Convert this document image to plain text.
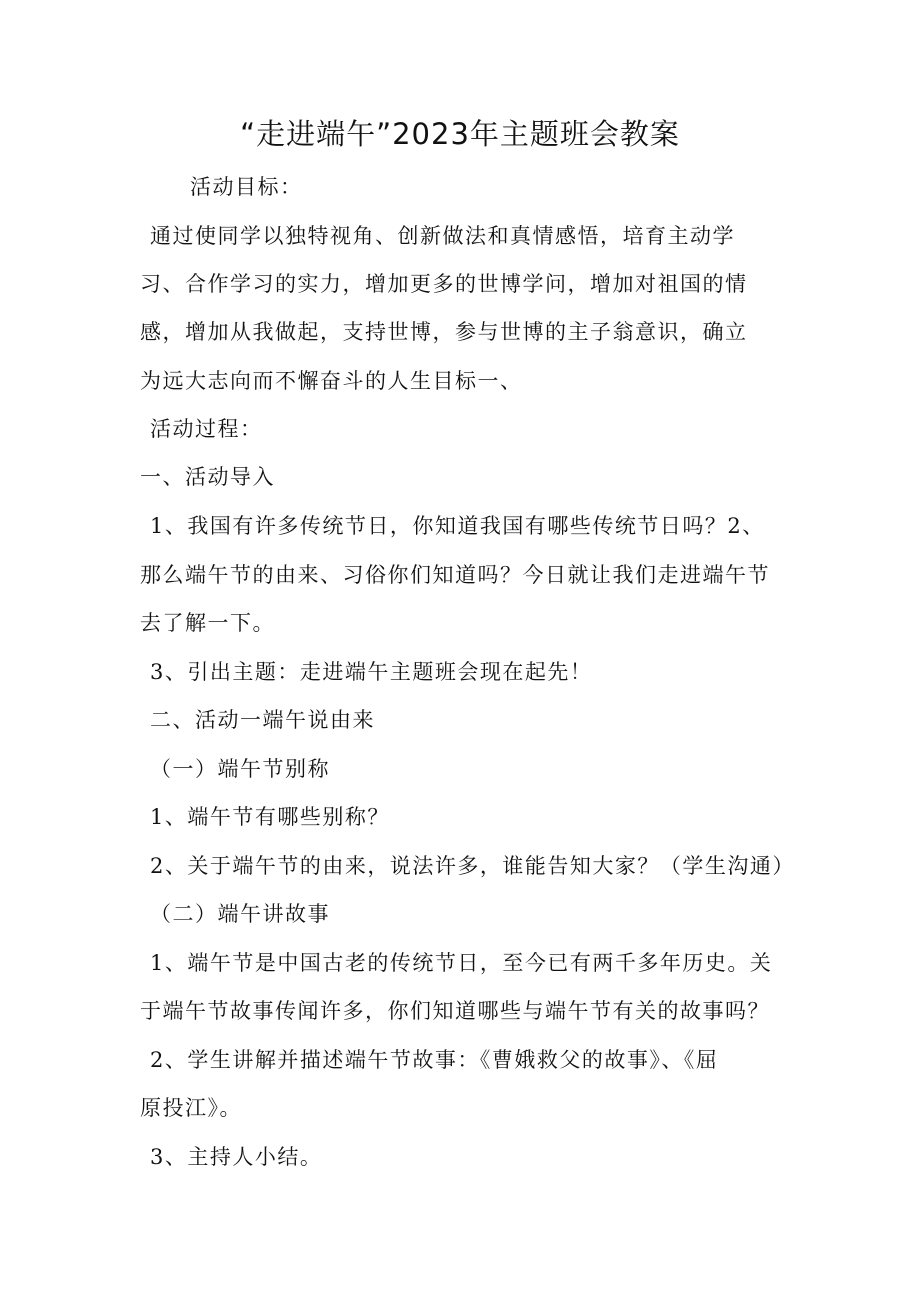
“走进端午”2023年主题班会教案
活动目标：
通过使同学以独特视角、创新做法和真情感悟，培育主动学
习、合作学习的实力，增加更多的世博学问，增加对祖国的情
感，增加从我做起，支持世博，参与世博的主子翁意识，确立
为远大志向而不懈奋斗的人生目标一、
活动过程：
一、活动导入
1、我国有许多传统节日，你知道我国有哪些传统节日吗？2、
那么端午节的由来、习俗你们知道吗？今日就让我们走进端午节
去了解一下。
3、引出主题：走进端午主题班会现在起先！
二、活动一端午说由来
（一）端午节别称
1、端午节有哪些别称？
2、关于端午节的由来，说法许多，谁能告知大家？（学生沟通）
（二）端午讲故事
1、端午节是中国古老的传统节日，至今已有两千多年历史。关
于端午节故事传闻许多，你们知道哪些与端午节有关的故事吗？
2、学生讲解并描述端午节故事：《曹娥救父的故事》、《屈
原投江》。
3、主持人小结。
